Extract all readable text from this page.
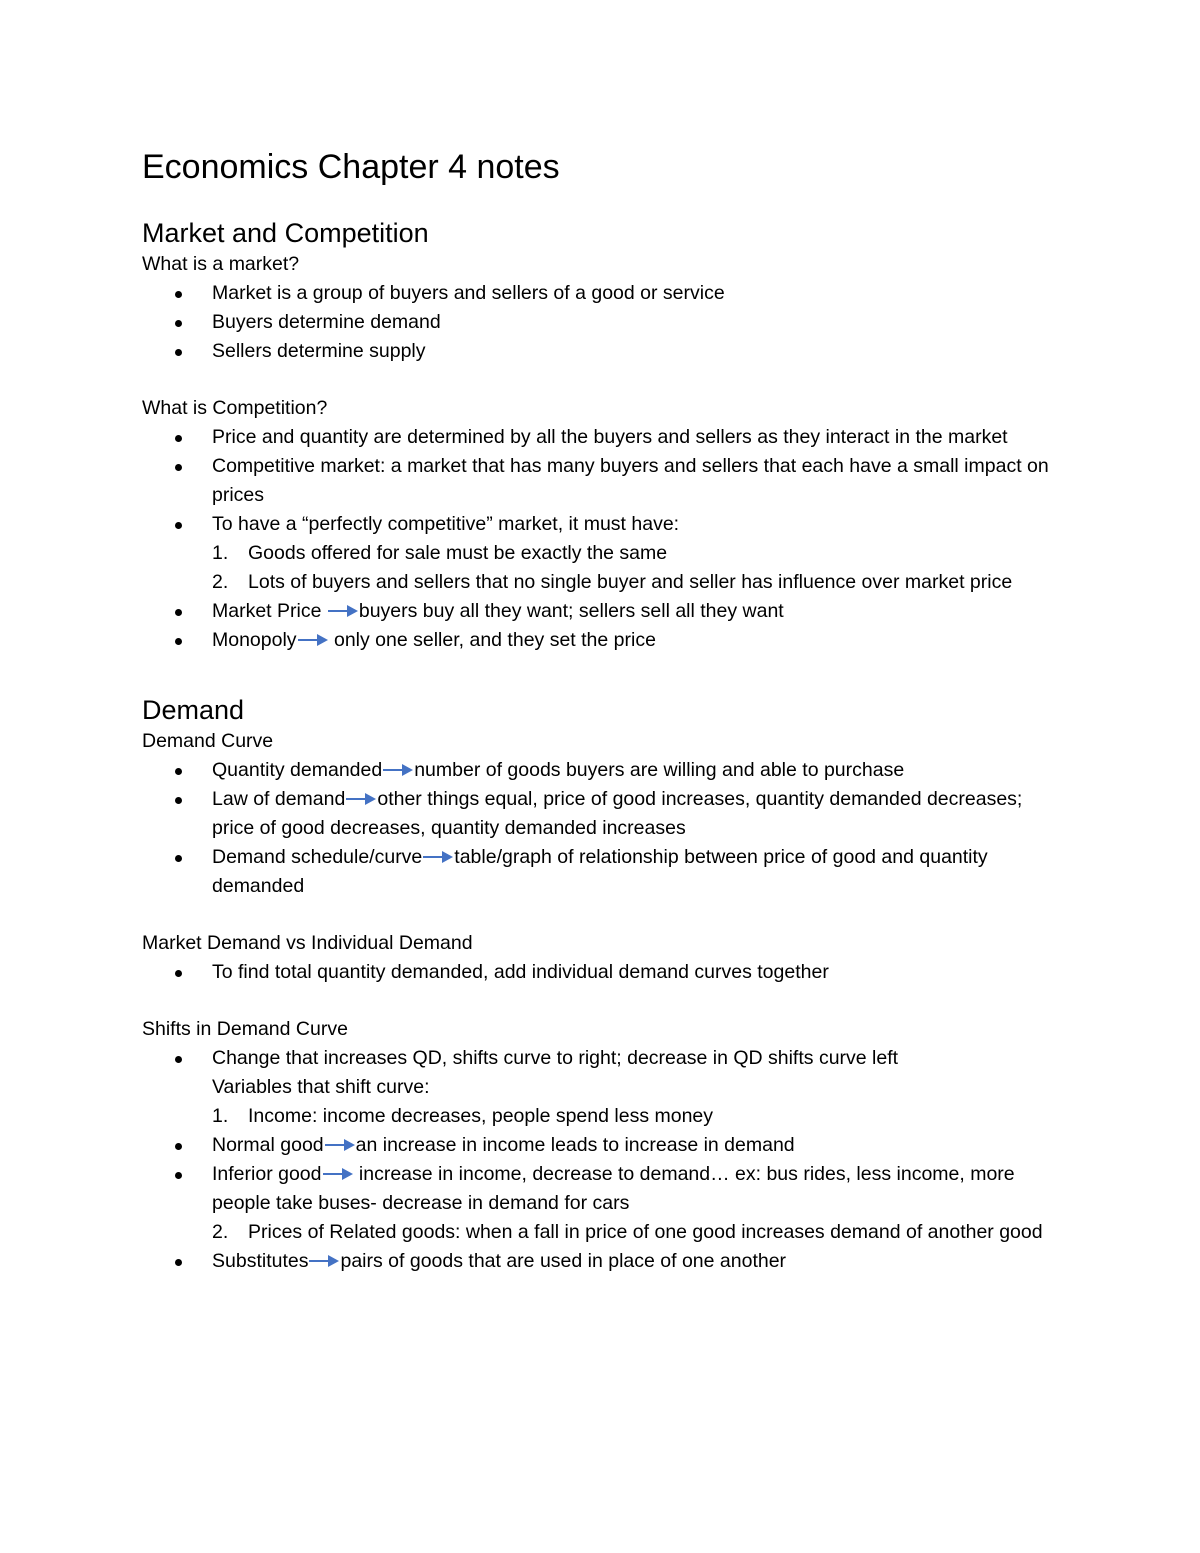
Economics Chapter 4 notes
Market and Competition

What is a market?

Market is a group of buyers and sellers of a good or service
Buyers determine demand
Sellers determine supply

What is Competition?

Price and quantity are determined by all the buyers and sellers as they interact in the market
Competitive market: a market that has many buyers and sellers that each have a small impact on prices
To have a “perfectly competitive” market, it must have:
1. Goods offered for sale must be exactly the same
2. Lots of buyers and sellers that no single buyer and seller has influence over market price
Market Price buyers buy all they want; sellers sell all they want
Monopoly only one seller, and they set the price
Demand

Demand Curve

Quantity demanded number of goods buyers are willing and able to purchase
Law of demand other things equal, price of good increases, quantity demanded decreases; price of good decreases, quantity demanded increases
Demand schedule/curve table/graph of relationship between price of good and quantity demanded

Market Demand vs Individual Demand

To find total quantity demanded, add individual demand curves together

Shifts in Demand Curve

Change that increases QD, shifts curve to right; decrease in QD shifts curve left
Variables that shift curve:
1. Income: income decreases, people spend less money
Normal good an increase in income leads to increase in demand
Inferior good increase in income, decrease to demand… ex: bus rides, less income, more people take buses- decrease in demand for cars
2. Prices of Related goods: when a fall in price of one good increases demand of another good
Substitutes pairs of goods that are used in place of one another
